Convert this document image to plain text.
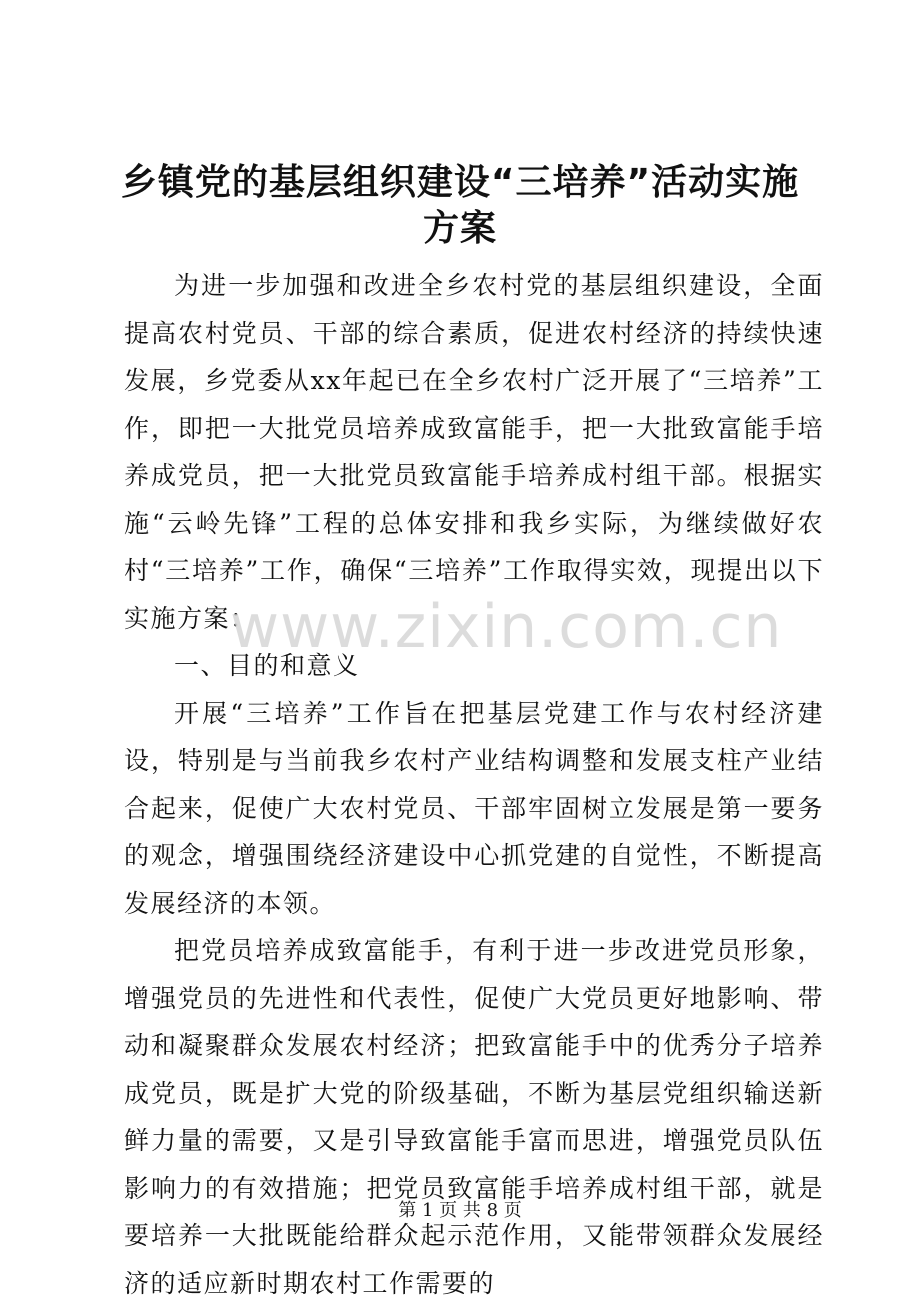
乡镇党的基层组织建设“三培养”活动实施方案

为进一步加强和改进全乡农村党的基层组织建设，全面提高农村党员、干部的综合素质，促进农村经济的持续快速发展，乡党委从xx年起已在全乡农村广泛开展了“三培养”工作，即把一大批党员培养成致富能手，把一大批致富能手培养成党员，把一大批党员致富能手培养成村组干部。根据实施“云岭先锋”工程的总体安排和我乡实际，为继续做好农村“三培养”工作，确保“三培养”工作取得实效，现提出以下实施方案：

一、目的和意义

开展“三培养”工作旨在把基层党建工作与农村经济建设，特别是与当前我乡农村产业结构调整和发展支柱产业结合起来，促使广大农村党员、干部牢固树立发展是第一要务的观念，增强围绕经济建设中心抓党建的自觉性，不断提高发展经济的本领。

把党员培养成致富能手，有利于进一步改进党员形象，增强党员的先进性和代表性，促使广大党员更好地影响、带动和凝聚群众发展农村经济；把致富能手中的优秀分子培养成党员，既是扩大党的阶级基础，不断为基层党组织输送新鲜力量的需要，又是引导致富能手富而思进，增强党员队伍影响力的有效措施；把党员致富能手培养成村组干部，就是要培养一大批既能给群众起示范作用，又能带领群众发展经济的适应新时期农村工作需要的

www.zixin.com.cn
第 1 页 共 8 页
